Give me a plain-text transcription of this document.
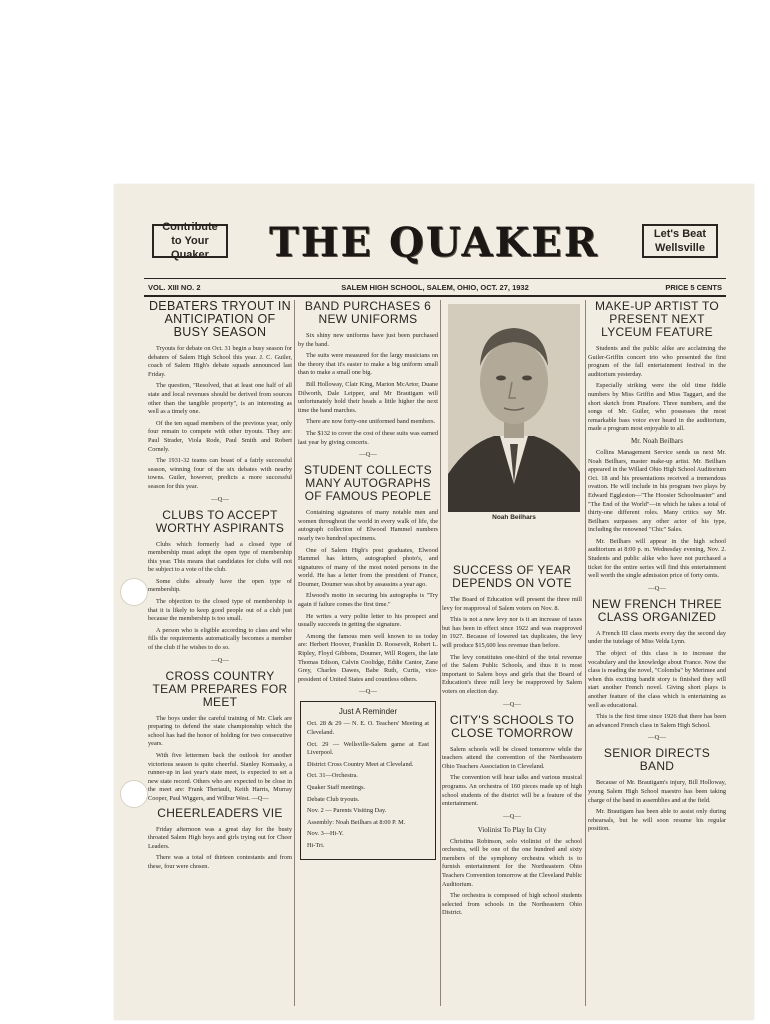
Contribute to Your Quaker	THE QUAKER	Let's Beat Wellsville
VOL. XIII NO. 2	SALEM HIGH SCHOOL, SALEM, OHIO, OCT. 27, 1932	PRICE 5 CENTS
DEBATERS TRYOUT IN ANTICIPATION OF BUSY SEASON

Tryouts for debate on Oct. 31 begin a busy season for debaters of Salem High School this year. J. C. Guiler, coach of Salem High's debate squads announced last Friday.

The question, "Resolved, that at least one half of all state and local revenues should be derived from sources other than the tangible property", is an interesting as well as a timely one.

Of the ten squad members of the previous year, only four remain to compete with other tryouts. They are: Paul Strader, Viola Rode, Paul Smith and Robert Cornely.

The 1931-32 teams can boast of a fairly successful season, winning four of the six debates with nearby towns. Guiler, however, predicts a more successful season for this year.

—Q—
CLUBS TO ACCEPT WORTHY ASPIRANTS

Clubs which formerly had a closed type of membership must adopt the open type of membership this year. This means that candidates for clubs will not be subject to a vote of the club.

Some clubs already have the open type of membership.

The objection to the closed type of membership is that it is likely to keep good people out of a club just because the membership is too small.

A person who is eligible according to class and who fills the requirements automatically becomes a member of the club if he wishes to do so.

—Q—
CROSS COUNTRY TEAM PREPARES FOR MEET

The boys under the careful training of Mr. Clark are preparing to defend the state championship which the school has had the honor of holding for two consecutive years.

With five lettermen back the outlook for another victorious season is quite cheerful. Stanley Komasky, a runner-up in last year's state meet, is expected to set a new state record. Others who are expected to be close in the meet are: Frank Theriault, Keith Harris, Murray Cooper, Paul Wiggers, and Wilbur West. —Q—

CHEERLEADERS VIE

Friday afternoon was a great day for the busty throated Salem High boys and girls trying out for Cheer Leaders.

There was a total of thirteen contestants and from these, four were chosen.

BAND PURCHASES 6 NEW UNIFORMS

Six shiny new uniforms have just been purchased by the band.

The suits were measured for the largy musicians on the theory that it's easier to make a big uniform small than to make a small one big.

Bill Holloway, Clair King, Marion McArtor, Duane Dilworth, Dale Leipper, and Mr Brautigam will unfortunately hold their heads a little higher the next time the band marches.

There are now forty-one uniformed band members.

The $132 to cover the cost of these suits was earned last year by giving concerts.

—Q—
STUDENT COLLECTS MANY AUTOGRAPHS OF FAMOUS PEOPLE

Containing signatures of many notable men and women throughout the world in every walk of life, the autograph collection of Elwood Hammel numbers nearly two hundred specimens.

One of Salem High's post graduates, Elwood Hammel has letters, autographed photo's, and signatures of many of the most noted persons in the world. He has a letter from the president of France, Doumer, Doumer was shot by assassins a year ago.

Elwood's motto in securing his autographs is "Try again if failure comes the first time."

He writes a very polite letter to his prospect and usually succeeds in getting the signature.

Among the famous men well known to us today are: Herbert Hoover, Franklin D. Roosevelt, Robert L. Ripley, Floyd Gibbons, Doumer, Will Rogers, the late Thomas Edison, Calvin Coolidge, Eddie Cantor, Zane Grey, Charles Dawes, Babe Ruth, Curtis, vice-president of United States and countless others.

—Q—
Just A Reminder

Oct. 28 & 29 — N. E. O. Teachers' Meeting at Cleveland.

Oct. 29 — Wellsville-Salem game at East Liverpool.

District Cross Country Meet at Cleveland.

Oct. 31—Orchestra.

Quaker Staff meetings.

Debate Club tryouts.

Nov. 2 — Parents Visiting Day.

Assembly: Noah Beilhars at 8:00 P. M.

Nov. 3—Hi-Y.

Hi-Tri.

Noah Beilhars
SUCCESS OF YEAR DEPENDS ON VOTE

The Board of Education will present the three mill levy for reapproval of Salem voters on Nov. 8.

This is not a new levy nor is it an increase of taxes but has been in effect since 1922 and was reapproved in 1927. Because of lowered tax duplicates, the levy will produce $15,600 less revenue than before.

The levy constitutes one-third of the total revenue of the Salem Public Schools, and thus it is most important to Salem boys and girls that the Board of Education's three mill levy be reapproved by Salem voters on election day.

—Q—
CITY'S SCHOOLS TO CLOSE TOMORROW

Salem schools will be closed tomorrow while the teachers attend the convention of the Northeastern Ohio Teachers Association in Cleveland.

The convention will hear talks and various musical programs. An orchestra of 160 pieces made up of high school students of the district will be a feature of the entertainment.

—Q—
Violinist To Play In City

Christina Robinson, solo violinist of the school orchestra, will be one of the one hundred and sixty members of the symphony orchestra which is to furnish entertainment for the Northeastern Ohio Teachers Convention tomorrow at the Cleveland Public Auditorium.

The orchestra is composed of high school students selected from schools in the Northeastern Ohio District.

MAKE-UP ARTIST TO PRESENT NEXT LYCEUM FEATURE

Students and the public alike are acclaiming the Guiler-Griffin concert trio who presented the first program of the fall entertainment festival in the auditorium yesterday.

Especially striking were the old time fiddle numbers by Miss Griffin and Miss Taggart, and the short sketch from Pinafore. Three numbers, and the songs of Mr. Guiler, who possesses the most remarkable bass voice ever heard in the auditorium, made a program most enjoyable to all.

Mr. Noah Beilhars

Collins Management Service sends us next Mr. Noah Beilhars, master make-up artist. Mr. Beilhars appeared in the Willard Ohio High School Auditorium Oct. 18 and his presentations received a tremendous ovation. He will include in his program two plays by Edward Eggleston—"The Hoosier Schoolmaster" and "The End of the World"—in which he takes a total of thirty-one different roles. Many critics say Mr. Beilhars surpasses any other actor of his type, including the renowned "Chic" Sales.

Mr. Beilhars will appear in the high school auditorium at 8:00 p. m. Wednesday evening, Nov. 2. Students and public alike who have not purchased a ticket for the entire series will find this entertainment well worth the single admission price of forty cents.

—Q—
NEW FRENCH THREE CLASS ORGANIZED

A French III class meets every day the second day under the tutelage of Miss Velda Lynn.

The object of this class is to increase the vocabulary and the knowledge about France. Now the class is reading the novel, "Colomba" by Merimee and when this exciting bandit story is finished they will start another French novel. Giving short plays is another feature of the class which is entertaining as well as educational.

This is the first time since 1926 that there has been an advanced French class in Salem High School.

—Q—
SENIOR DIRECTS BAND

Because of Mr. Brautigam's injury, Bill Holloway, young Salem High School maestro has been taking charge of the band in assemblies and at the field.

Mr. Brautigam has been able to assist only during rehearsals, but he will soon resume his regular position.
